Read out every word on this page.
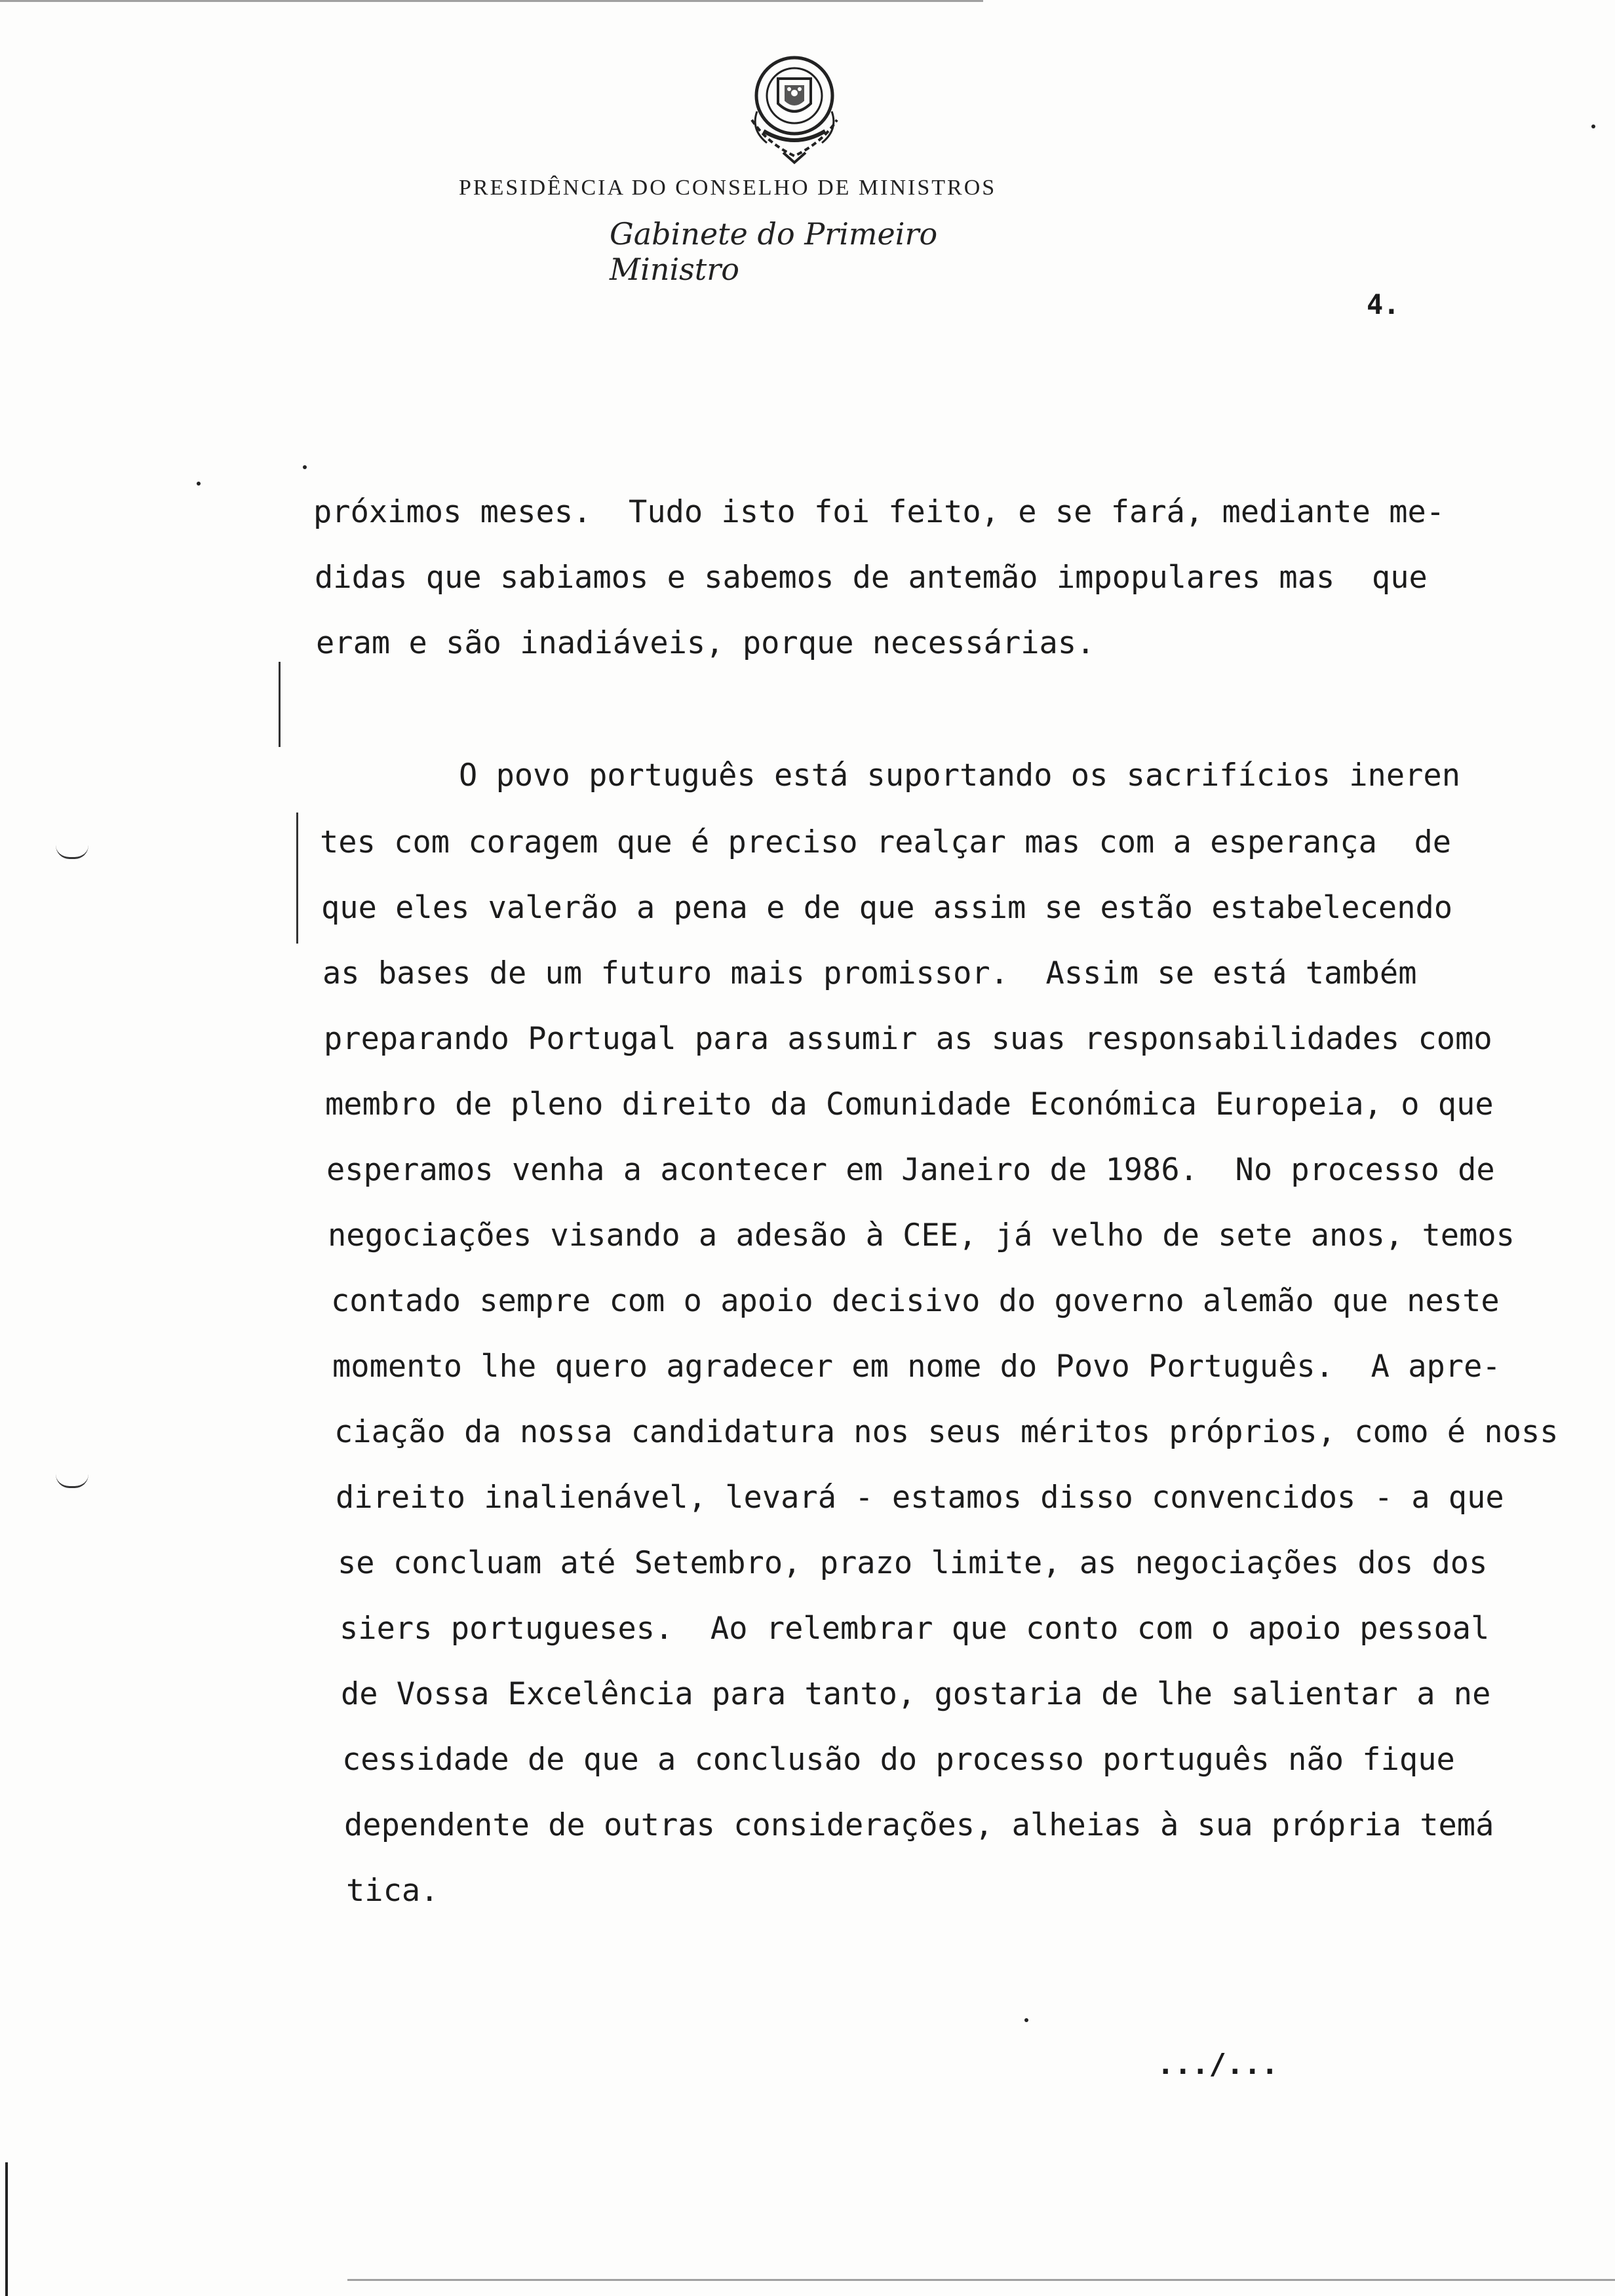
PRESIDÊNCIA DO CONSELHO DE MINISTROS
Gabinete do Primeiro Ministro
4.
próximos meses.  Tudo isto foi feito, e se fará, mediante me-
didas que sabiamos e sabemos de antemão impopulares mas  que
eram e são inadiáveis, porque necessárias.
O povo português está suportando os sacrifícios ineren
tes com coragem que é preciso realçar mas com a esperança  de
que eles valerão a pena e de que assim se estão estabelecendo
as bases de um futuro mais promissor.  Assim se está também
preparando Portugal para assumir as suas responsabilidades como
membro de pleno direito da Comunidade Económica Europeia, o que
esperamos venha a acontecer em Janeiro de 1986.  No processo de
negociações visando a adesão à CEE, já velho de sete anos, temos
contado sempre com o apoio decisivo do governo alemão que neste
momento lhe quero agradecer em nome do Povo Português.  A apre-
ciação da nossa candidatura nos seus méritos próprios, como é noss
direito inalienável, levará - estamos disso convencidos - a que
se concluam até Setembro, prazo limite, as negociações dos dos
siers portugueses.  Ao relembrar que conto com o apoio pessoal
de Vossa Excelência para tanto, gostaria de lhe salientar a ne
cessidade de que a conclusão do processo português não fique
dependente de outras considerações, alheias à sua própria temá
tica.
.../...
